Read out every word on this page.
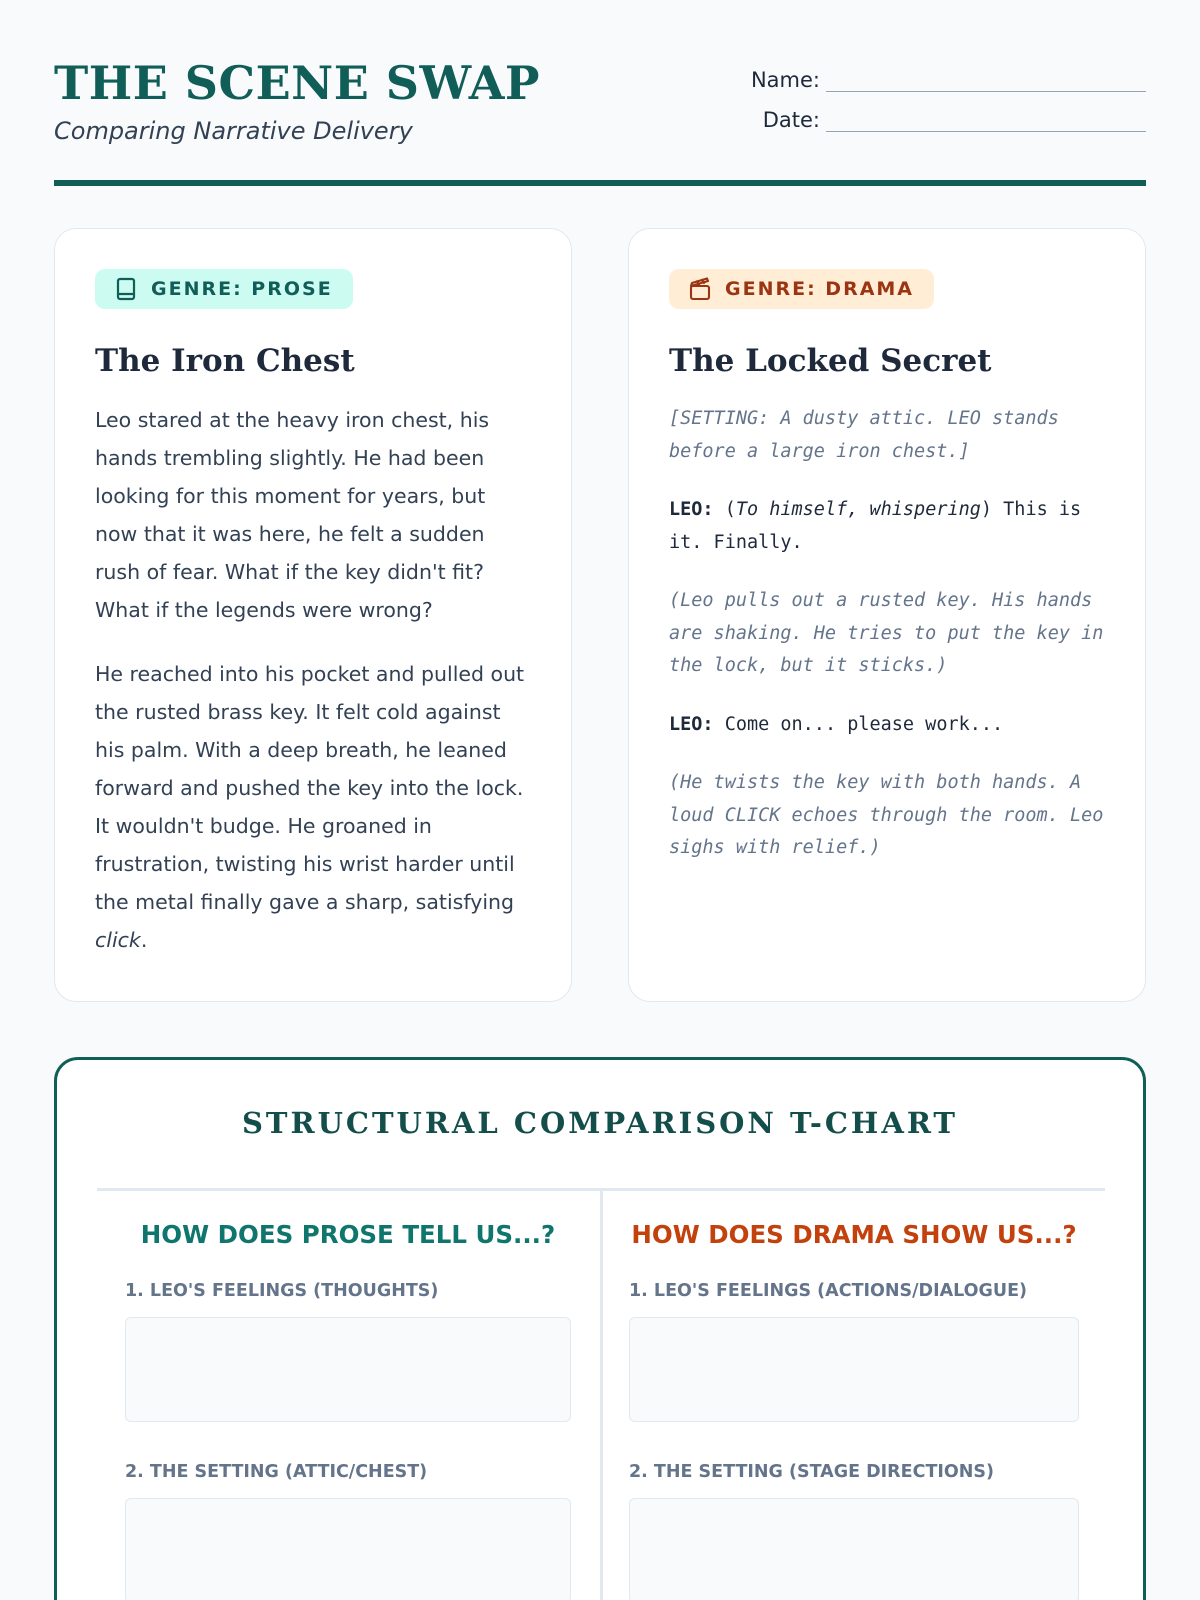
THE SCENE SWAP
Comparing Narrative Delivery
Name:
Date:
GENRE: PROSE
The Iron Chest

Leo stared at the heavy iron chest, his hands trembling slightly. He had been looking for this moment for years, but now that it was here, he felt a sudden rush of fear. What if the key didn't fit? What if the legends were wrong?

He reached into his pocket and pulled out the rusted brass key. It felt cold against his palm. With a deep breath, he leaned forward and pushed the key into the lock. It wouldn't budge. He groaned in frustration, twisting his wrist harder until the metal finally gave a sharp, satisfying click.

GENRE: DRAMA
The Locked Secret

[SETTING: A dusty attic. LEO stands before a large iron chest.]

LEO: (To himself, whispering) This is it. Finally.

(Leo pulls out a rusted key. His hands are shaking. He tries to put the key in the lock, but it sticks.)

LEO: Come on... please work...

(He twists the key with both hands. A loud CLICK echoes through the room. Leo sighs with relief.)

STRUCTURAL COMPARISON T-CHART
HOW DOES PROSE TELL US...?
1. LEO'S FEELINGS (THOUGHTS)
2. THE SETTING (ATTIC/CHEST)
HOW DOES DRAMA SHOW US...?
1. LEO'S FEELINGS (ACTIONS/DIALOGUE)
2. THE SETTING (STAGE DIRECTIONS)
